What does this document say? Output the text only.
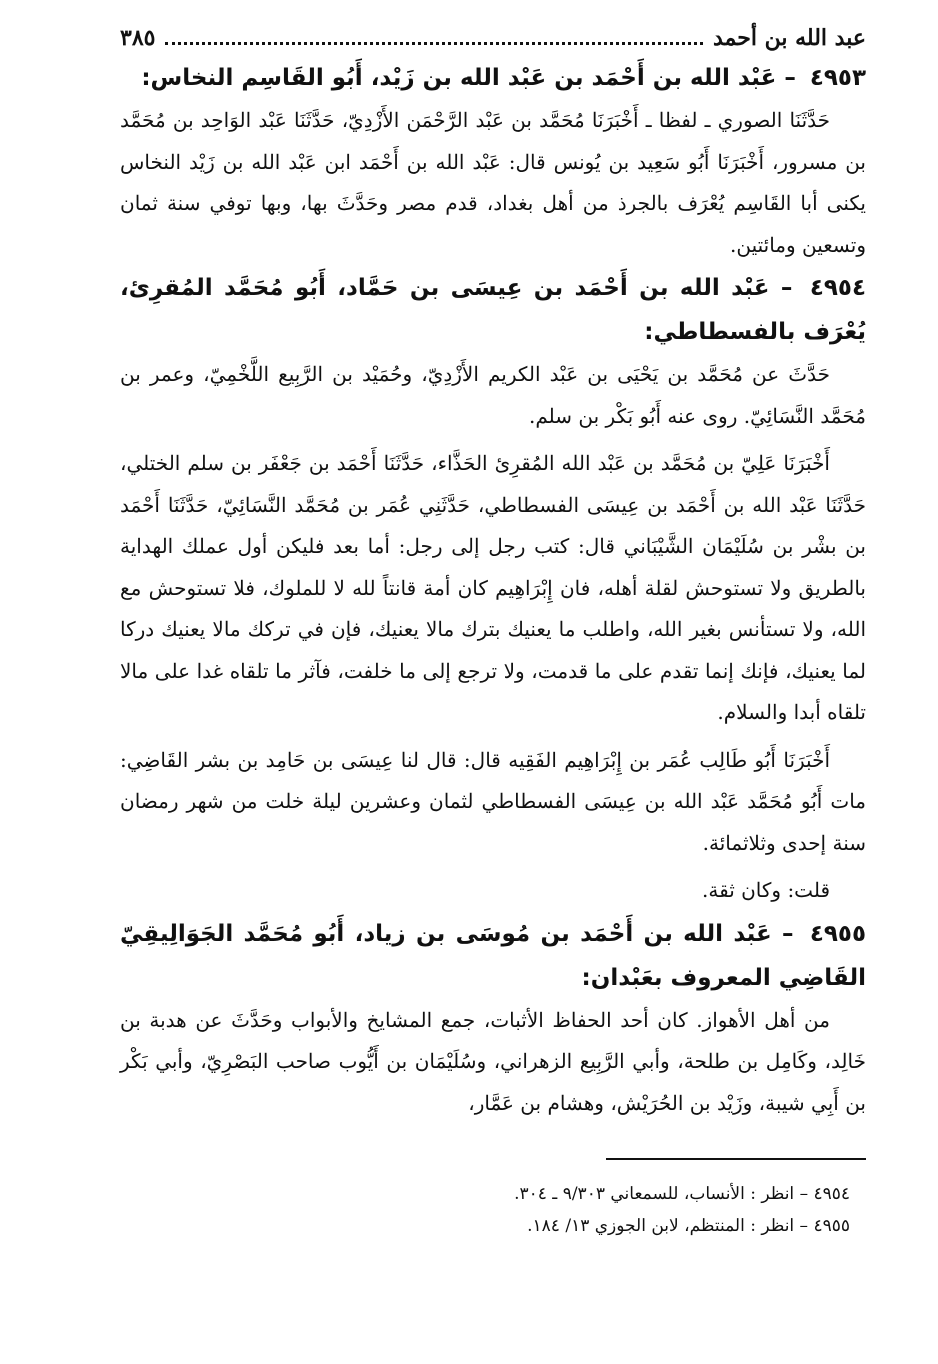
عبد الله بن أحمد
٣٨٥
٤٩٥٣ – عَبْد الله بن أَحْمَد بن عَبْد الله بن زَيْد، أَبُو القَاسِم النخاس:

حَدَّثَنَا الصوري ـ لفظا ـ أَخْبَرَنَا مُحَمَّد بن عَبْد الرَّحْمَن الأَزْدِيّ، حَدَّثَنَا عَبْد الوَاحِد بن مُحَمَّد بن مسرور، أَخْبَرَنَا أَبُو سَعِيد بن يُونس قال: عَبْد الله بن أَحْمَد ابن عَبْد الله بن زَيْد النخاس يكنى أبا القَاسِم يُعْرَف بالجرذ من أهل بغداد، قدم مصر وحَدَّثَ بها، وبها توفي سنة ثمان وتسعين ومائتين.

٤٩٥٤ – عَبْد الله بن أَحْمَد بن عِيسَى بن حَمَّاد، أَبُو مُحَمَّد المُقرِئ، يُعْرَف بالفسطاطي:

حَدَّثَ عن مُحَمَّد بن يَحْيَى بن عَبْد الكريم الأَزْدِيّ، وحُمَيْد بن الرَّبِيع اللَّخْمِيّ، وعمر بن مُحَمَّد النَّسَائِيّ. روى عنه أَبُو بَكْر بن سلم.

أَخْبَرَنَا عَلِيّ بن مُحَمَّد بن عَبْد الله المُقرِئ الحَذَّاء، حَدَّثَنَا أَحْمَد بن جَعْفَر بن سلم الختلي، حَدَّثَنَا عَبْد الله بن أَحْمَد بن عِيسَى الفسطاطي، حَدَّثَنِي عُمَر بن مُحَمَّد النَّسَائِيّ، حَدَّثَنَا أَحْمَد بن بشْر بن سُلَيْمَان الشَّيْبَاني قال: كتب رجل إلى رجل: أما بعد فليكن أول عملك الهداية بالطريق ولا تستوحش لقلة أهله، فان إِبْرَاهِيم كان أمة قانتاً لله لا للملوك، فلا تستوحش مع الله، ولا تستأنس بغير الله، واطلب ما يعنيك بترك مالا يعنيك، فإن في تركك مالا يعنيك دركا لما يعنيك، فإنك إنما تقدم على ما قدمت، ولا ترجع إلى ما خلفت، فآثر ما تلقاه غدا على مالا تلقاه أبدا والسلام.

أَخْبَرَنَا أَبُو طَالِب عُمَر بن إِبْرَاهِيم الفَقِيه قال: قال لنا عِيسَى بن حَامِد بن بشر القَاضِي: مات أَبُو مُحَمَّد عَبْد الله بن عِيسَى الفسطاطي لثمان وعشرين ليلة خلت من شهر رمضان سنة إحدى وثلاثمائة.

قلت: وكان ثقة.

٤٩٥٥ – عَبْد الله بن أَحْمَد بن مُوسَى بن زياد، أَبُو مُحَمَّد الجَوَالِيقِيّ القَاضِي المعروف بعَبْدان:

من أهل الأهواز. كان أحد الحفاظ الأثبات، جمع المشايخ والأبواب وحَدَّثَ عن هدبة بن خَالِد، وكَامِل بن طلحة، وأبي الرَّبِيع الزهراني، وسُلَيْمَان بن أَيُّوب صاحب البَصْرِيّ، وأبي بَكْر بن أَبِي شيبة، وزَيْد بن الحُرَيْش، وهشام بن عَمَّار،

٤٩٥٤ – انظر : الأنساب، للسمعاني ٩/٣٠٣ ـ ٣٠٤.
٤٩٥٥ – انظر : المنتظم، لابن الجوزي ١٣/ ١٨٤.
